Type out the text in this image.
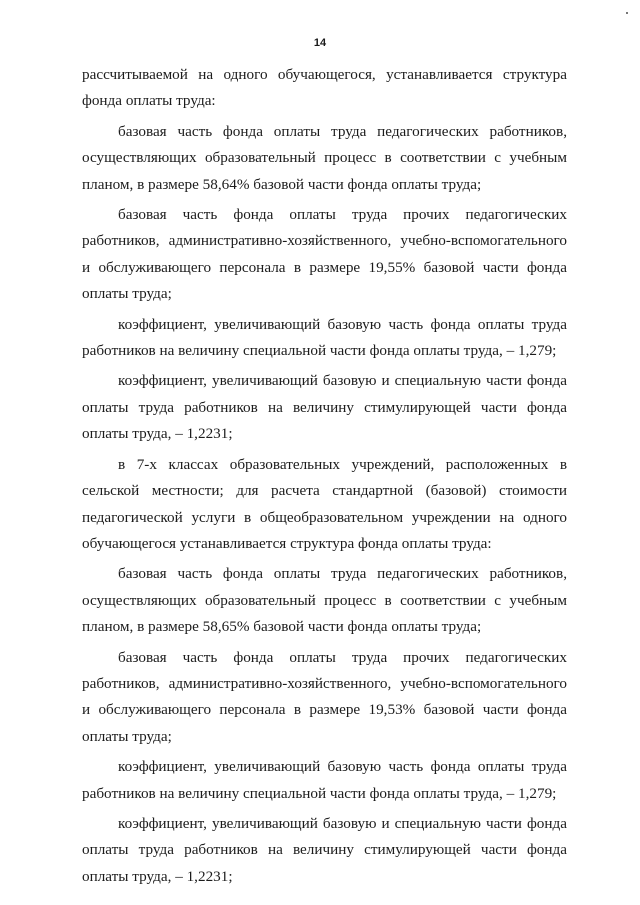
14

рассчитываемой на одного обучающегося, устанавливается структура фонда оплаты труда:

базовая часть фонда оплаты труда педагогических работников, осуществляющих образовательный процесс в соответствии с учебным планом, в размере 58,64% базовой части фонда оплаты труда;

базовая часть фонда оплаты труда прочих педагогических работников, административно-хозяйственного, учебно-вспомогательного и обслуживающего персонала в размере 19,55% базовой части фонда оплаты труда;

коэффициент, увеличивающий базовую часть фонда оплаты труда работников на величину специальной части фонда оплаты труда, – 1,279;

коэффициент, увеличивающий базовую и специальную части фонда оплаты труда работников на величину стимулирующей части фонда оплаты труда, – 1,2231;

в 7-х классах образовательных учреждений, расположенных в сельской местности; для расчета стандартной (базовой) стоимости педагогической услуги в общеобразовательном учреждении на одного обучающегося устанавливается структура фонда оплаты труда:

базовая часть фонда оплаты труда педагогических работников, осуществляющих образовательный процесс в соответствии с учебным планом, в размере 58,65% базовой части фонда оплаты труда;

базовая часть фонда оплаты труда прочих педагогических работников, административно-хозяйственного, учебно-вспомогательного и обслуживающего персонала в размере 19,53% базовой части фонда оплаты труда;

коэффициент, увеличивающий базовую часть фонда оплаты труда работников на величину специальной части фонда оплаты труда, – 1,279;

коэффициент, увеличивающий базовую и специальную части фонда оплаты труда работников на величину стимулирующей части фонда оплаты труда, – 1,2231;
